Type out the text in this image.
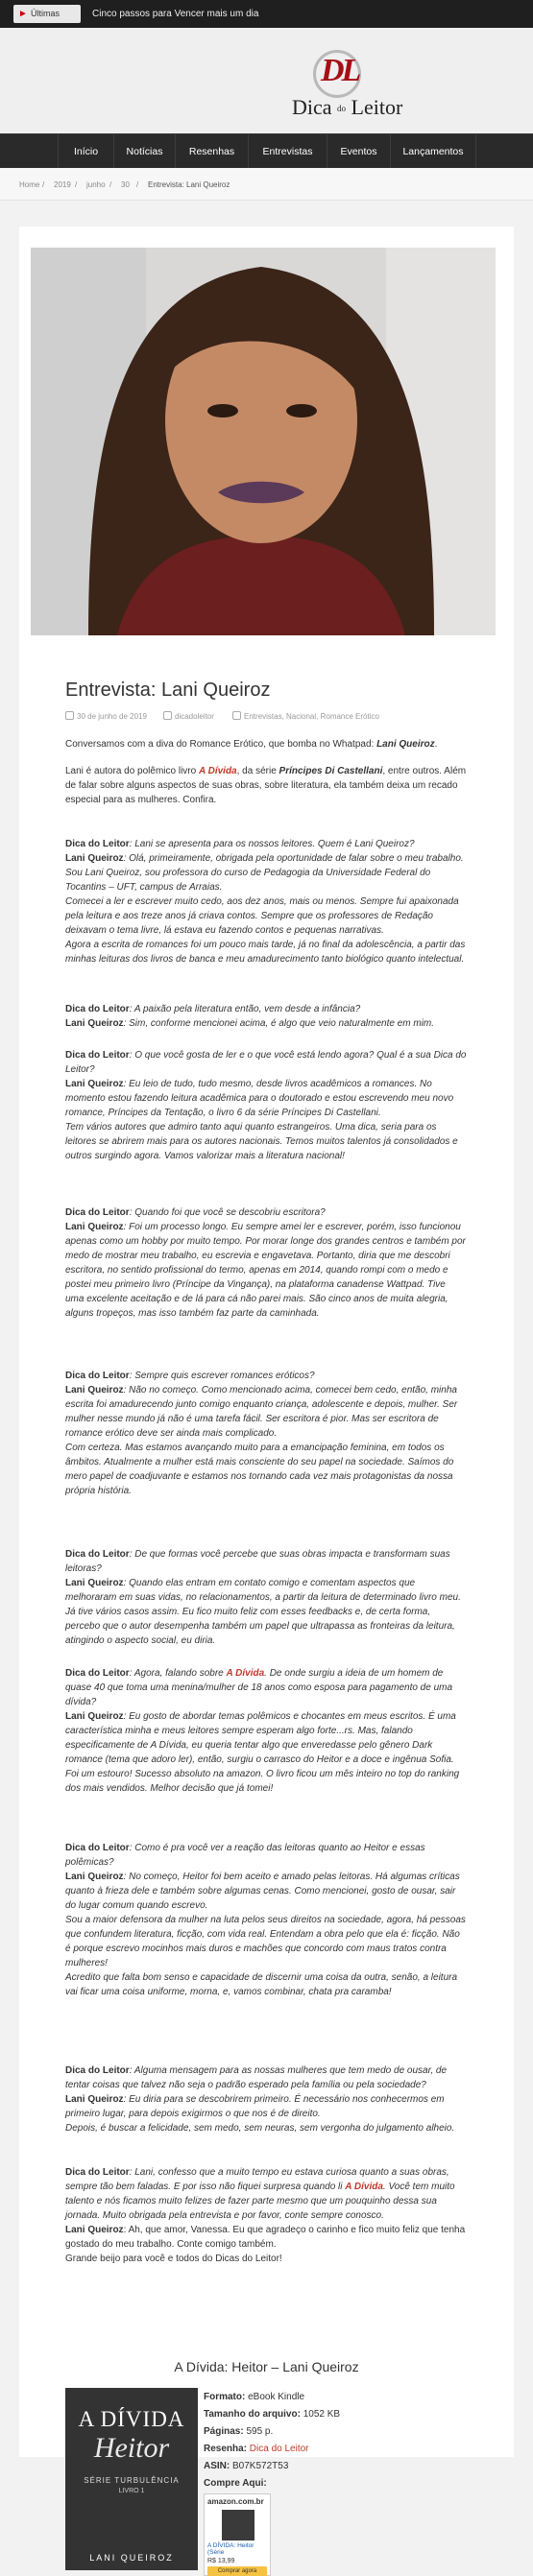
► Últimas	Cinco passos para Vencer mais um dia
DL
Dica do Leitor
Início	Notícias	Resenhas	Entrevistas	Eventos	Lançamentos
Home / 2019 / junho / 30 / Entrevista: Lani Queiroz
Entrevista: Lani Queiroz
30 de junho de 2019	dicadoleitor	Entrevistas, Nacional, Romance Erótico
Conversamos com a diva do Romance Erótico, que bomba no Whatpad: Lani Queiroz.
Lani é autora do polêmico livro A Dívida, da série Príncipes Di Castellani, entre outros. Além de falar sobre alguns aspectos de suas obras, sobre literatura, ela também deixa um recado especial para as mulheres. Confira.
Dica do Leitor: Lani se apresenta para os nossos leitores. Quem é Lani Queiroz?
Lani Queiroz: Olá, primeiramente, obrigada pela oportunidade de falar sobre o meu trabalho. Sou Lani Queiroz, sou professora do curso de Pedagogia da Universidade Federal do Tocantins – UFT, campus de Arraias.
Comecei a ler e escrever muito cedo, aos dez anos, mais ou menos. Sempre fui apaixonada pela leitura e aos treze anos já criava contos. Sempre que os professores de Redação deixavam o tema livre, lá estava eu fazendo contos e pequenas narrativas.
Agora a escrita de romances foi um pouco mais tarde, já no final da adolescência, a partir das minhas leituras dos livros de banca e meu amadurecimento tanto biológico quanto intelectual.
Dica do Leitor: A paixão pela literatura então, vem desde a infância?
Lani Queiroz: Sim, conforme mencionei acima, é algo que veio naturalmente em mim.
Dica do Leitor: O que você gosta de ler e o que você está lendo agora? Qual é a sua Dica do Leitor?
Lani Queiroz: Eu leio de tudo, tudo mesmo, desde livros acadêmicos a romances. No momento estou fazendo leitura acadêmica para o doutorado e estou escrevendo meu novo romance, Príncipes da Tentação, o livro 6 da série Príncipes Di Castellani.
Tem vários autores que admiro tanto aqui quanto estrangeiros. Uma dica, seria para os leitores se abrirem mais para os autores nacionais. Temos muitos talentos já consolidados e outros surgindo agora. Vamos valorizar mais a literatura nacional!
Dica do Leitor: Quando foi que você se descobriu escritora?
Lani Queiroz: Foi um processo longo. Eu sempre amei ler e escrever, porém, isso funcionou apenas como um hobby por muito tempo. Por morar longe dos grandes centros e também por medo de mostrar meu trabalho, eu escrevia e engavetava. Portanto, diria que me descobri escritora, no sentido profissional do termo, apenas em 2014, quando rompi com o medo e postei meu primeiro livro (Príncipe da Vingança), na plataforma canadense Wattpad. Tive uma excelente aceitação e de lá para cá não parei mais. São cinco anos de muita alegria, alguns tropeços, mas isso também faz parte da caminhada.
Dica do Leitor: Sempre quis escrever romances eróticos?
Lani Queiroz: Não no começo. Como mencionado acima, comecei bem cedo, então, minha escrita foi amadurecendo junto comigo enquanto criança, adolescente e depois, mulher. Ser mulher nesse mundo já não é uma tarefa fácil. Ser escritora é pior. Mas ser escritora de romance erótico deve ser ainda mais complicado.
Com certeza. Mas estamos avançando muito para a emancipação feminina, em todos os âmbitos. Atualmente a mulher está mais consciente do seu papel na sociedade. Saímos do mero papel de coadjuvante e estamos nos tornando cada vez mais protagonistas da nossa própria história.
Dica do Leitor: De que formas você percebe que suas obras impacta e transformam suas leitoras?
Lani Queiroz: Quando elas entram em contato comigo e comentam aspectos que melhoraram em suas vidas, no relacionamentos, a partir da leitura de determinado livro meu. Já tive vários casos assim. Eu fico muito feliz com esses feedbacks e, de certa forma, percebo que o autor desempenha também um papel que ultrapassa as fronteiras da leitura, atingindo o aspecto social, eu diria.
Dica do Leitor: Agora, falando sobre A Dívida. De onde surgiu a ideia de um homem de quase 40 que toma uma menina/mulher de 18 anos como esposa para pagamento de uma dívida?
Lani Queiroz: Eu gosto de abordar temas polêmicos e chocantes em meus escritos. É uma característica minha e meus leitores sempre esperam algo forte...rs. Mas, falando especificamente de A Dívida, eu queria tentar algo que enveredasse pelo gênero Dark romance (tema que adoro ler), então, surgiu o carrasco do Heitor e a doce e ingênua Sofia. Foi um estouro! Sucesso absoluto na amazon. O livro ficou um mês inteiro no top do ranking dos mais vendidos. Melhor decisão que já tomei!
Dica do Leitor: Como é pra você ver a reação das leitoras quanto ao Heitor e essas polêmicas?
Lani Queiroz: No começo, Heitor foi bem aceito e amado pelas leitoras. Há algumas críticas quanto à frieza dele e também sobre algumas cenas. Como mencionei, gosto de ousar, sair do lugar comum quando escrevo.
Sou a maior defensora da mulher na luta pelos seus direitos na sociedade, agora, há pessoas que confundem literatura, ficção, com vida real. Entendam a obra pelo que ela é: ficção. Não é porque escrevo mocinhos mais duros e machões que concordo com maus tratos contra mulheres!
Acredito que falta bom senso e capacidade de discernir uma coisa da outra, senão, a leitura vai ficar uma coisa uniforme, morna, e, vamos combinar, chata pra caramba!
Dica do Leitor: Alguma mensagem para as nossas mulheres que tem medo de ousar, de tentar coisas que talvez não seja o padrão esperado pela família ou pela sociedade?
Lani Queiroz: Eu diria para se descobrirem primeiro. É necessário nos conhecermos em primeiro lugar, para depois exigirmos o que nos é de direito.
Depois, é buscar a felicidade, sem medo, sem neuras, sem vergonha do julgamento alheio.
Dica do Leitor: Lani, confesso que a muito tempo eu estava curiosa quanto a suas obras, sempre tão bem faladas. E por isso não fiquei surpresa quando li A Dívida. Você tem muito talento e nós ficamos muito felizes de fazer parte mesmo que um pouquinho dessa sua jornada. Muito obrigada pela entrevista e por favor, conte sempre conosco.
Lani Queiroz: Ah, que amor, Vanessa. Eu que agradeço o carinho e fico muito feliz que tenha gostado do meu trabalho. Conte comigo também.
Grande beijo para você e todos do Dicas do Leitor!
A Dívida: Heitor – Lani Queiroz
A DÍVIDA
Heitor
SÉRIE TURBULÊNCIA
LIVRO 1
LANI QUEIROZ
Formato: eBook Kindle
Tamanho do arquivo: 1052 KB
Páginas: 595 p.
Resenha: Dica do Leitor
ASIN: B07K572T53
Compre Aqui:
amazon.com.br
A DÍVIDA: Heitor (Série
R$ 13,99
Comprar agora
